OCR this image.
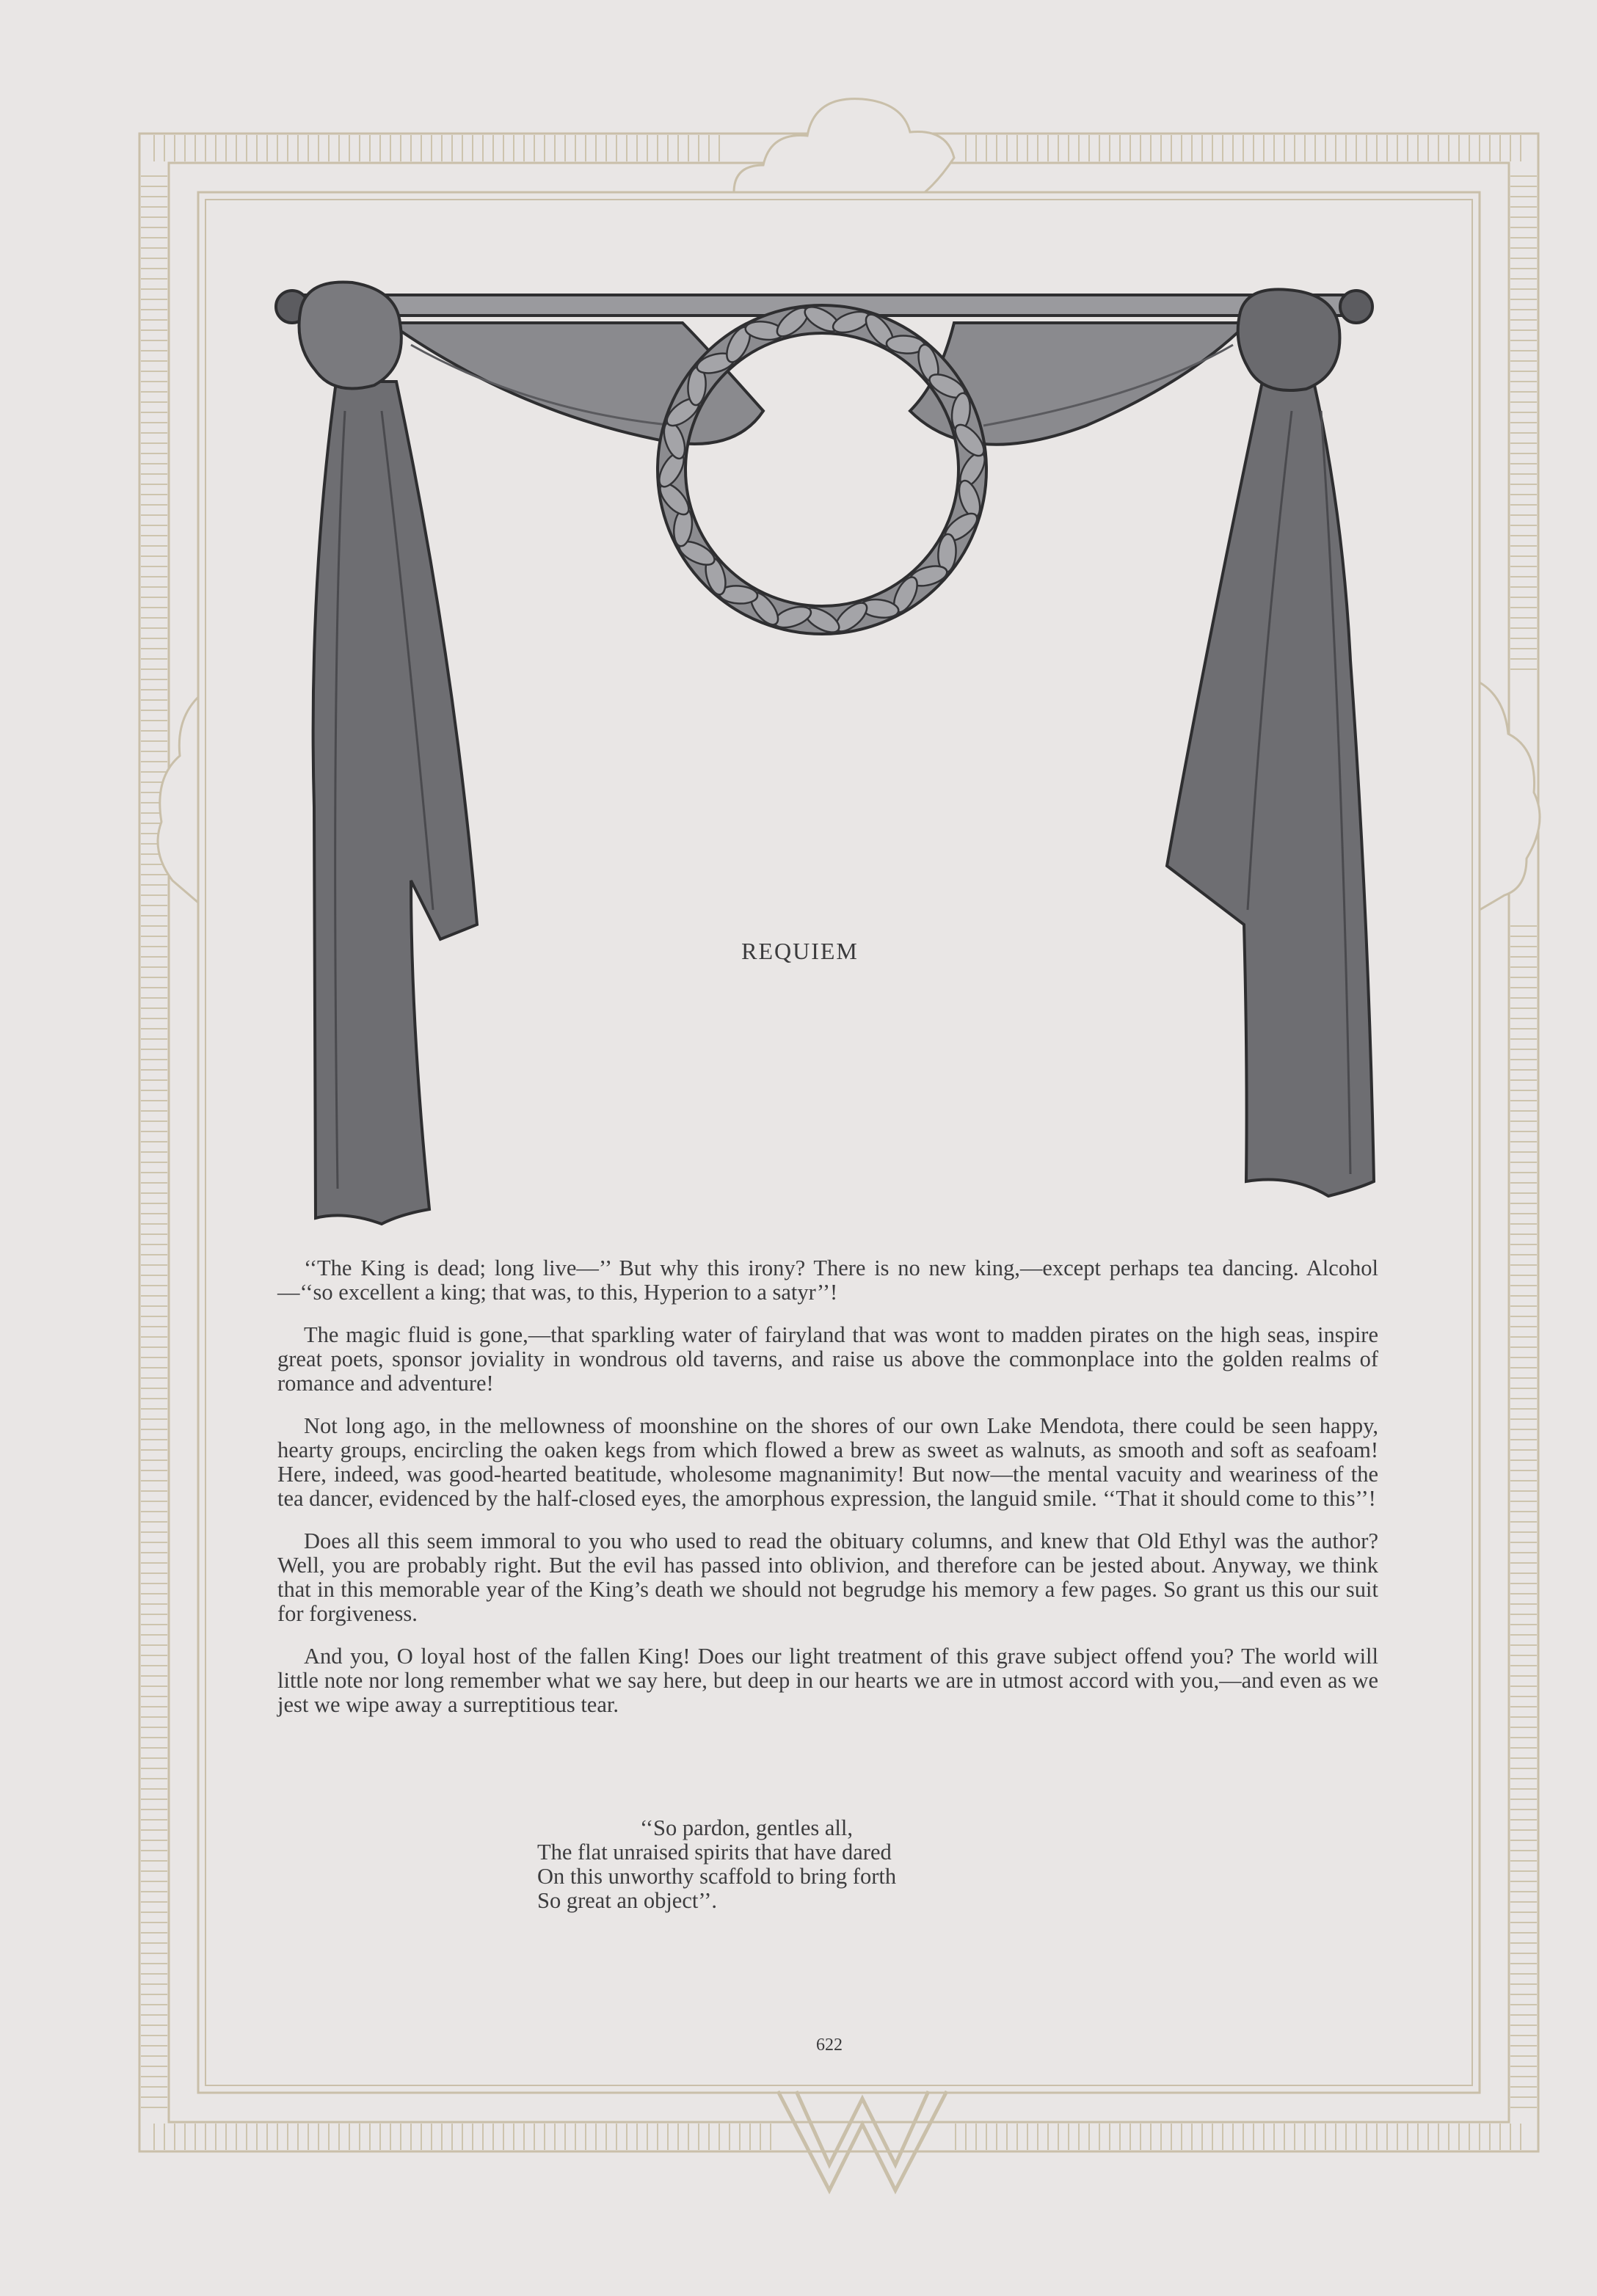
REQUIEM

‘‘The King is dead; long live—’’ But why this irony? There is no new king,—except perhaps tea dancing. Alcohol—‘‘so excellent a king; that was, to this, Hyperion to a satyr’’!

The magic fluid is gone,—that sparkling water of fairyland that was wont to madden pirates on the high seas, inspire great poets, sponsor joviality in wondrous old taverns, and raise us above the commonplace into the golden realms of romance and adventure!

Not long ago, in the mellowness of moonshine on the shores of our own Lake Mendota, there could be seen happy, hearty groups, encircling the oaken kegs from which flowed a brew as sweet as walnuts, as smooth and soft as seafoam! Here, indeed, was good-hearted beatitude, wholesome magnanimity! But now—the mental vacuity and weariness of the tea dancer, evidenced by the half-closed eyes, the amorphous expression, the languid smile. ‘‘That it should come to this’’!

Does all this seem immoral to you who used to read the obituary columns, and knew that Old Ethyl was the author? Well, you are probably right. But the evil has passed into oblivion, and therefore can be jested about. Anyway, we think that in this memorable year of the King’s death we should not begrudge his memory a few pages. So grant us this our suit for forgiveness.

And you, O loyal host of the fallen King! Does our light treatment of this grave subject offend you? The world will little note nor long remember what we say here, but deep in our hearts we are in utmost accord with you,—and even as we jest we wipe away a surreptitious tear.

‘‘So pardon, gentles all,
The flat unraised spirits that have dared
On this unworthy scaffold to bring forth
So great an object’’.
622
